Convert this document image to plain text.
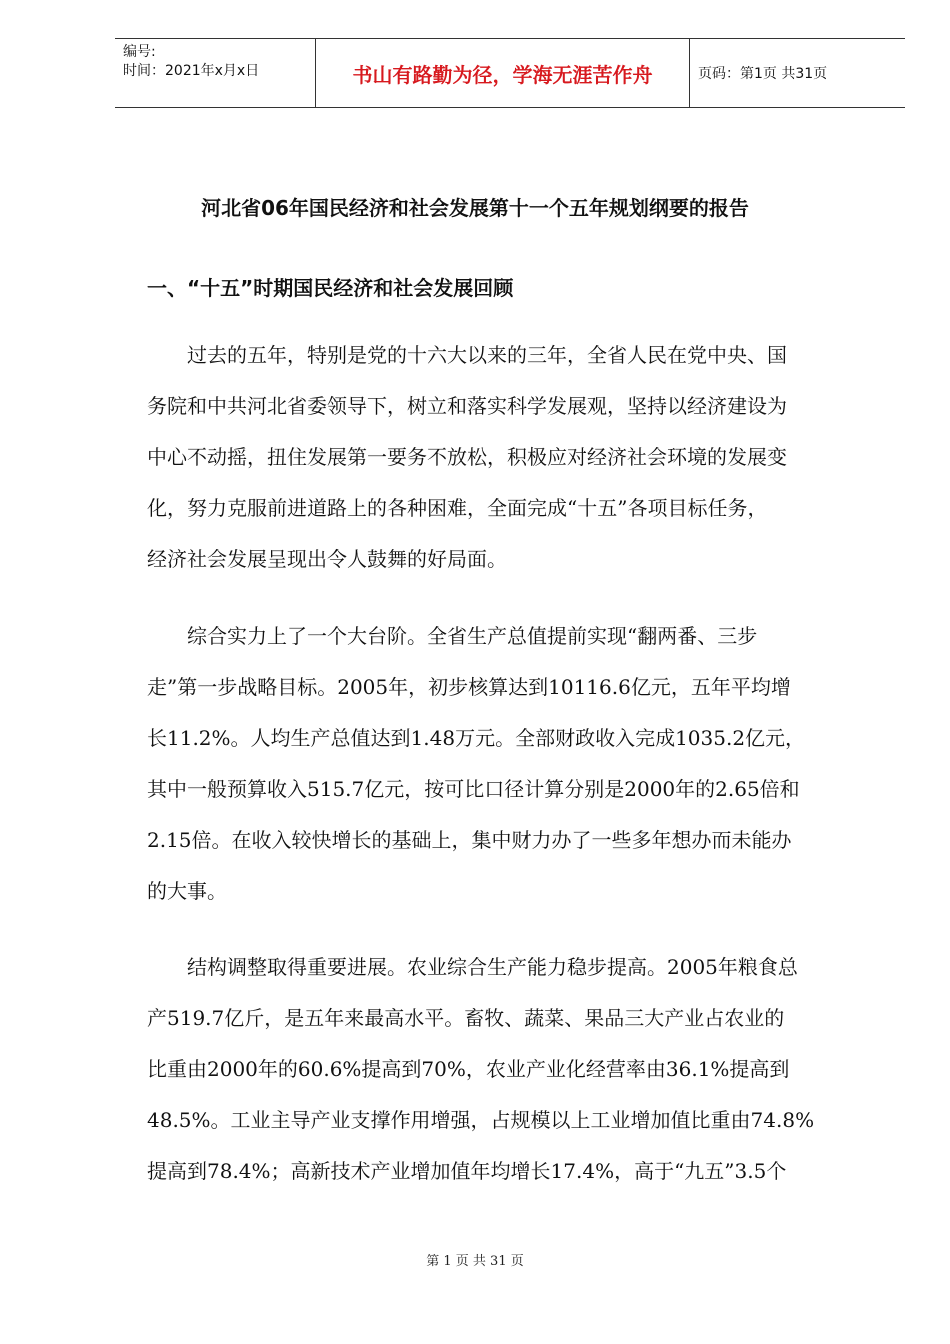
编号:
时间：2021年x月x日	书山有路勤为径，学海无涯苦作舟	页码：第1页 共31页
河北省06年国民经济和社会发展第十一个五年规划纲要的报告
一、“十五”时期国民经济和社会发展回顾

过去的五年，特别是党的十六大以来的三年，全省人民在党中央、国
务院和中共河北省委领导下，树立和落实科学发展观，坚持以经济建设为
中心不动摇，扭住发展第一要务不放松，积极应对经济社会环境的发展变
化，努力克服前进道路上的各种困难，全面完成“十五”各项目标任务，
经济社会发展呈现出令人鼓舞的好局面。

综合实力上了一个大台阶。全省生产总值提前实现“翻两番、三步
走”第一步战略目标。2005年，初步核算达到10116.6亿元，五年平均增
长11.2%。人均生产总值达到1.48万元。全部财政收入完成1035.2亿元，
其中一般预算收入515.7亿元，按可比口径计算分别是2000年的2.65倍和
2.15倍。在收入较快增长的基础上，集中财力办了一些多年想办而未能办
的大事。

结构调整取得重要进展。农业综合生产能力稳步提高。2005年粮食总
产519.7亿斤，是五年来最高水平。畜牧、蔬菜、果品三大产业占农业的
比重由2000年的60.6%提高到70%，农业产业化经营率由36.1%提高到
48.5%。工业主导产业支撑作用增强，占规模以上工业增加值比重由74.8%
提高到78.4%；高新技术产业增加值年均增长17.4%，高于“九五”3.5个

第 1 页 共 31 页
